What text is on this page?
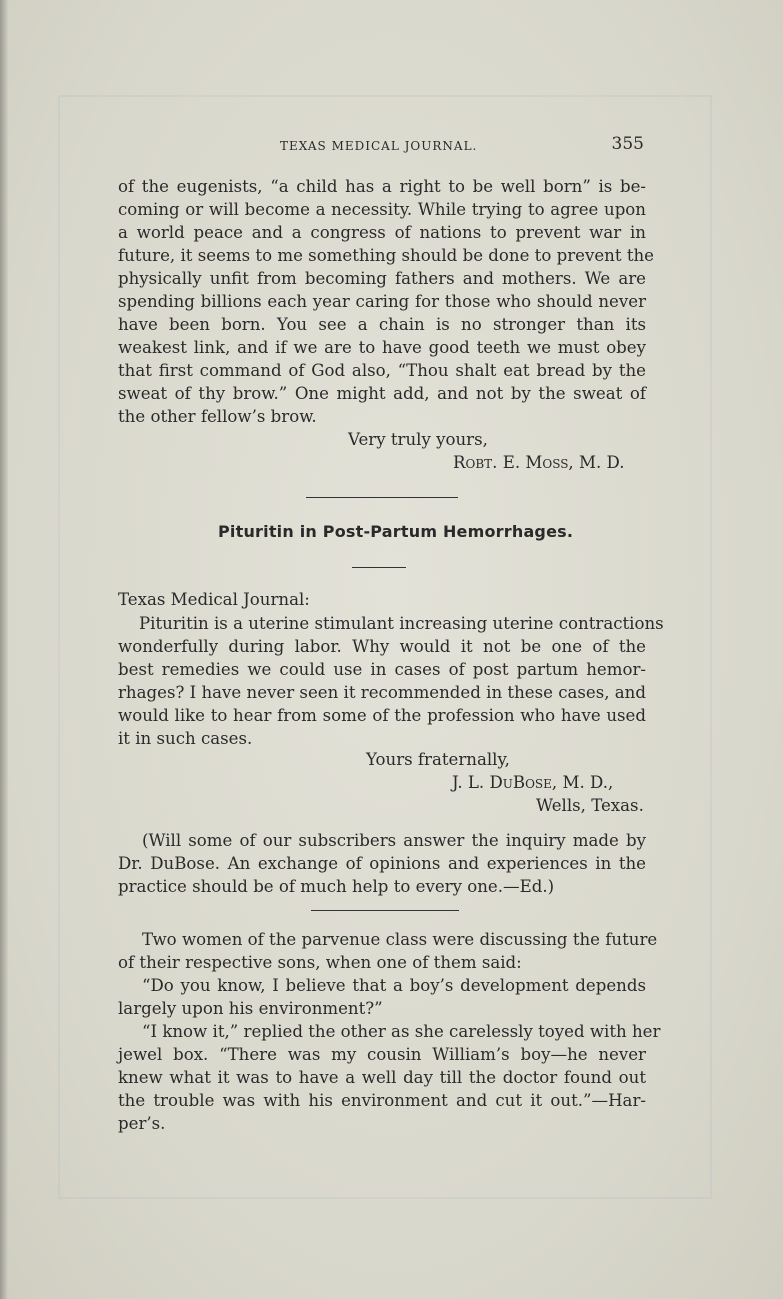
TEXAS MEDICAL JOURNAL.	355

of the eugenists, “a child has a right to be well born” is be-
coming or will become a necessity. While trying to agree upon
a world peace and a congress of nations to prevent war in
future, it seems to me something should be done to prevent the
physically unfit from becoming fathers and mothers. We are
spending billions each year caring for those who should never
have been born. You see a chain is no stronger than its
weakest link, and if we are to have good teeth we must obey
that first command of God also, “Thou shalt eat bread by the
sweat of thy brow.” One might add, and not by the sweat of
the other fellow’s brow.

Very truly yours,
Robt. E. Moss, M. D.
Pituritin in Post-Partum Hemorrhages.
Texas Medical Journal:

Pituritin is a uterine stimulant increasing uterine contractions
wonderfully during labor. Why would it not be one of the
best remedies we could use in cases of post partum hemor-
rhages? I have never seen it recommended in these cases, and
would like to hear from some of the profession who have used
it in such cases.

Yours fraternally,
J. L. DuBose, M. D.,
Wells, Texas.

(Will some of our subscribers answer the inquiry made by
Dr. DuBose. An exchange of opinions and experiences in the
practice should be of much help to every one.—Ed.)

Two women of the parvenue class were discussing the future
of their respective sons, when one of them said:
“Do you know, I believe that a boy’s development depends
largely upon his environment?”
“I know it,” replied the other as she carelessly toyed with her
jewel box. “There was my cousin William’s boy—he never
knew what it was to have a well day till the doctor found out
the trouble was with his environment and cut it out.”—Har-
per’s.
